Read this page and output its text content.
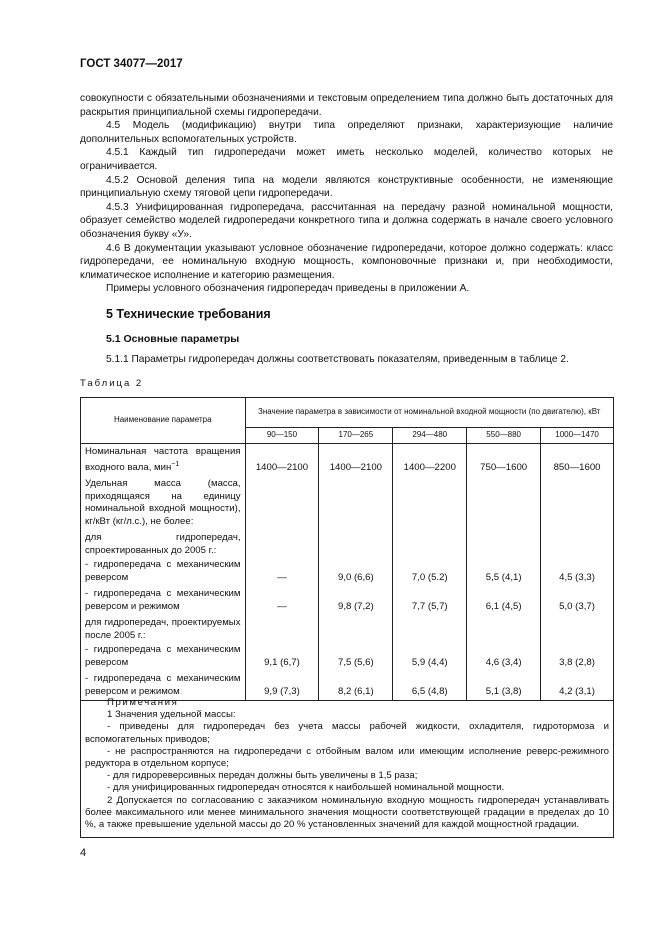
ГОСТ 34077—2017

совокупности с обязательными обозначениями и текстовым определением типа должно быть достаточных для раскрытия принципиальной схемы гидропередачи.

4.5 Модель (модификацию) внутри типа определяют признаки, характеризующие наличие дополнительных вспомогательных устройств.

4.5.1 Каждый тип гидропередачи может иметь несколько моделей, количество которых не ограничивается.

4.5.2 Основой деления типа на модели являются конструктивные особенности, не изменяющие принципиальную схему тяговой цепи гидропередачи.

4.5.3 Унифицированная гидропередача, рассчитанная на передачу разной номинальной мощности, образует семейство моделей гидропередачи конкретного типа и должна содержать в начале своего условного обозначения букву «У».

4.6 В документации указывают условное обозначение гидропередачи, которое должно содержать: класс гидропередачи, ее номинальную входную мощность, компоновочные признаки и, при необходимости, климатическое исполнение и категорию размещения.

Примеры условного обозначения гидропередач приведены в приложении А.

5 Технические требования
5.1 Основные параметры
5.1.1 Параметры гидропередач должны соответствовать показателям, приведенным в таблице 2.
Таблица 2
Наименование параметра	Значение параметра в зависимости от номинальной входной мощности (по двигателю), кВт				
	90—150	170—265	294—480	550—880	1000—1470
Номинальная частота вращения входного вала, мин$^{-1}$	1400—2100	1400—2100	1400—2200	750—1600	850—1600
Удельная масса (масса, приходящаяся на единицу номинальной входной мощности), кг/кВт (кг/л.с.), не более:					
для гидропередач, спроектированных до 2005 г.:					
- гидропередача с механическим реверсом	—	9,0 (6,6)	7,0 (5.2)	5,5 (4,1)	4,5 (3,3)
- гидропередача с механическим реверсом и режимом	—	9,8 (7,2)	7,7 (5,7)	6,1 (4,5)	5,0 (3,7)
для гидропередач, проектируемых после 2005 г.:					
- гидропередача с механическим реверсом	9,1 (6,7)	7,5 (5,6)	5,9 (4,4)	4,6 (3,4)	3,8 (2,8)
- гидропередача с механическим реверсом и режимом	9,9 (7,3)	8,2 (6,1)	6,5 (4,8)	5,1 (3,8)	4,2 (3,1)

Примечания

1 Значения удельной массы:

- приведены для гидропередач без учета массы рабочей жидкости, охладителя, гидротормоза и вспомогательных приводов;

- не распространяются на гидропередачи с отбойным валом или имеющим исполнение реверс-режимного редуктора в отдельном корпусе;

- для гидрореверсивных передач должны быть увеличены в 1,5 раза;

- для унифицированных гидропередач относятся к наибольшей номинальной мощности.

2 Допускается по согласованию с заказчиком номинальную входную мощность гидропередач устанавливать более максимального или менее минимального значения мощности соответствующей градации в пределах до 10 %, а также превышение удельной массы до 20 % установленных значений для каждой мощностной градации.

4
